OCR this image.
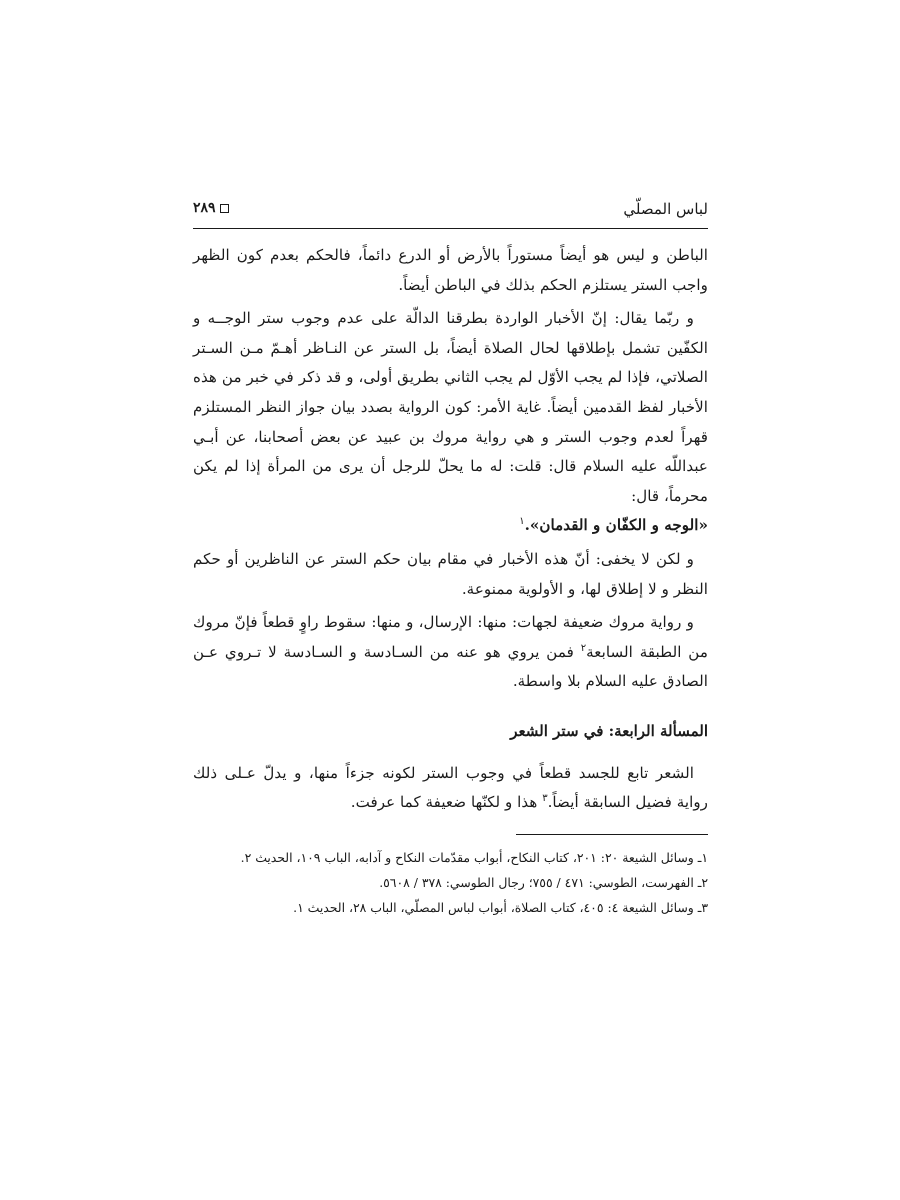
لباس المصلّي
٢٨٩

الباطن و ليس هو أيضاً مستوراً بالأرض أو الدرع دائماً، فالحكم بعدم كون الظهر واجب الستر يستلزم الحكم بذلك في الباطن أيضاً.

و ربّما يقال: إنّ الأخبار الواردة بطرقنا الدالّة على عدم وجوب ستر الوجــه و الكفّين تشمل بإطلاقها لحال الصلاة أيضاً، بل الستر عن النـاظر أهـمّ مـن السـتر الصلاتي، فإذا لم يجب الأوّل لم يجب الثاني بطريق أولى، و قد ذكر في خبر من هذه الأخبار لفظ القدمين أيضاً. غاية الأمر: كون الرواية بصدد بيان جواز النظر المستلزم قهراً لعدم وجوب الستر و هي رواية مروك بن عبيد عن بعض أصحابنا، عن أبـي عبداللّه عليه السلام قال: قلت: له ما يحلّ للرجل أن يرى من المرأة إذا لم يكن محرماً، قال:
«الوجه و الكفّان و القدمان».$^١$

و لكن لا يخفى: أنّ هذه الأخبار في مقام بيان حكم الستر عن الناظرين أو حكم النظر و لا إطلاق لها، و الأولوية ممنوعة.

و رواية مروك ضعيفة لجهات: منها: الإرسال، و منها: سقوط راوٍ قطعاً فإنّ مروك من الطبقة السابعة$^٢$ فمن يروي هو عنه من السـادسة و السـادسة لا تـروي عـن الصادق عليه السلام بلا واسطة.

المسألة الرابعة: في ستر الشعر

الشعر تابع للجسد قطعاً في وجوب الستر لكونه جزءاً منها، و يدلّ عـلى ذلك رواية فضيل السابقة أيضاً.$^٣$ هذا و لكنّها ضعيفة كما عرفت.

١ـ وسائل الشيعة ٢٠: ٢٠١، كتاب النكاح، أبواب مقدّمات النكاح و آدابه، الباب ١٠٩، الحديث ٢.
٢ـ الفهرست، الطوسي: ٤٧١ / ٧٥٥؛ رجال الطوسي: ٣٧٨ / ٥٦٠٨.
٣ـ وسائل الشيعة ٤: ٤٠٥، كتاب الصلاة، أبواب لباس المصلّي، الباب ٢٨، الحديث ١.
